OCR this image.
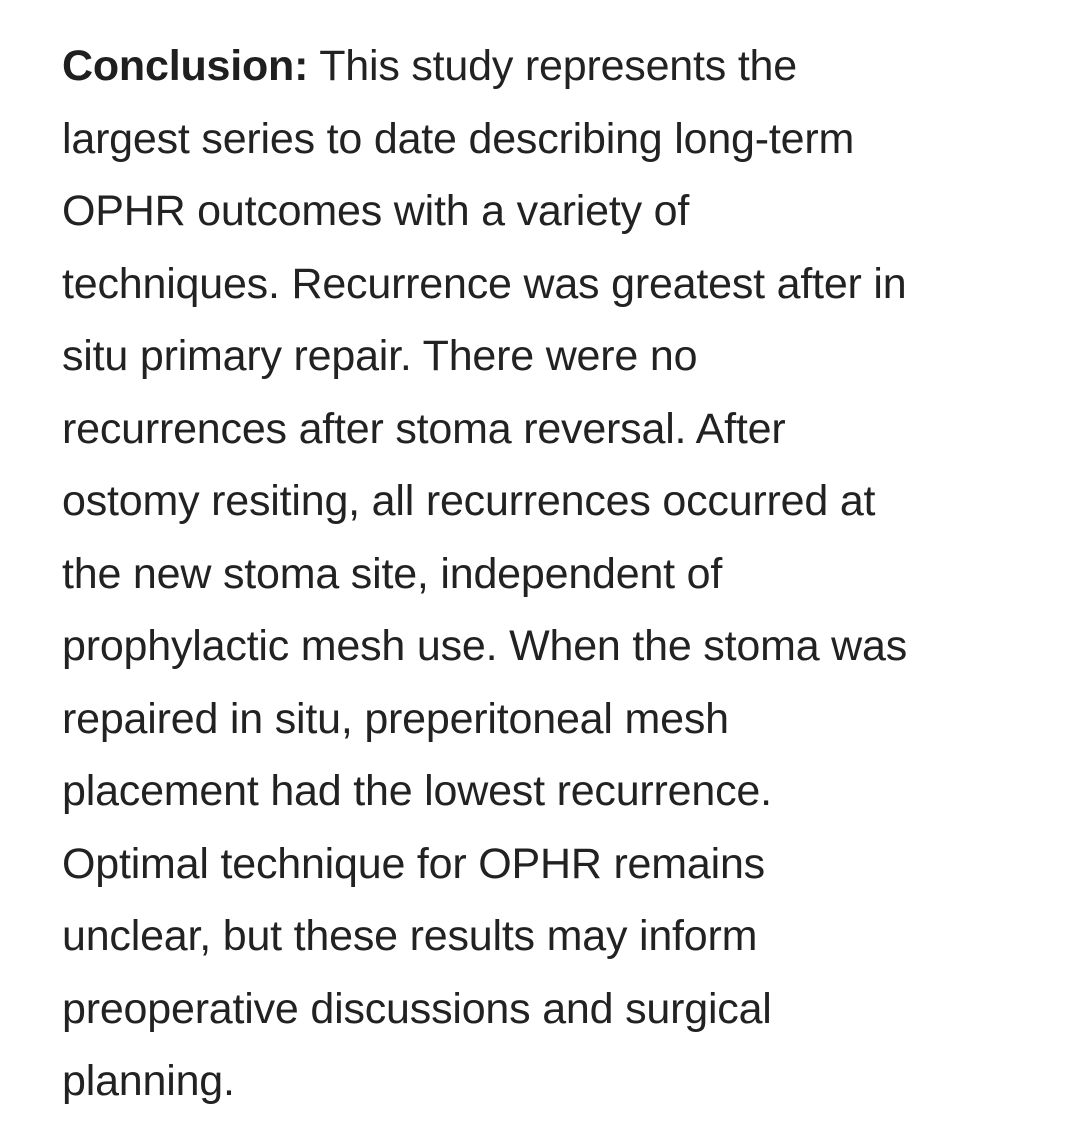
Conclusion: This study represents the
largest series to date describing long-term
OPHR outcomes with a variety of
techniques. Recurrence was greatest after in
situ primary repair. There were no
recurrences after stoma reversal. After
ostomy resiting, all recurrences occurred at
the new stoma site, independent of
prophylactic mesh use. When the stoma was
repaired in situ, preperitoneal mesh
placement had the lowest recurrence.
Optimal technique for OPHR remains
unclear, but these results may inform
preoperative discussions and surgical
planning.
